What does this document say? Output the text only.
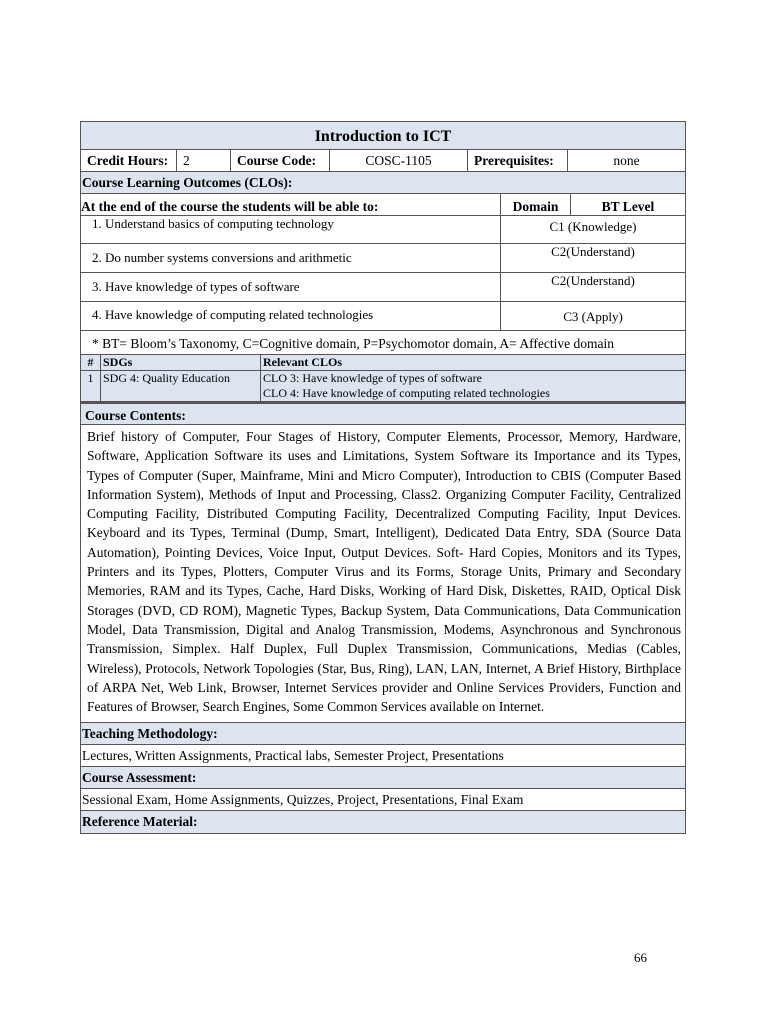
Introduction to ICT
Credit Hours:	2	Course Code:	COSC-1105	Prerequisites:	none
Course Learning Outcomes (CLOs):
At the end of the course the students will be able to:	Domain	BT Level
1. Understand basics of computing technology	C1 (Knowledge)
2. Do number systems conversions and arithmetic	C2(Understand)
3. Have knowledge of types of software	C2(Understand)
4. Have knowledge of computing related technologies	C3 (Apply)
* BT= Bloom’s Taxonomy, C=Cognitive domain, P=Psychomotor domain, A= Affective domain
# SDGs	Relevant CLOs
1 SDG 4: Quality Education	CLO 3: Have knowledge of types of software
CLO 4: Have knowledge of computing related technologies
Course Contents:
Brief history of Computer, Four Stages of History, Computer Elements, Processor, Memory, Hardware, Software, Application Software its uses and Limitations, System Software its Importance and its Types, Types of Computer (Super, Mainframe, Mini and Micro Computer), Introduction to CBIS (Computer Based Information System), Methods of Input and Processing, Class2. Organizing Computer Facility, Centralized Computing Facility, Distributed Computing Facility, Decentralized Computing Facility, Input Devices. Keyboard and its Types, Terminal (Dump, Smart, Intelligent), Dedicated Data Entry, SDA (Source Data Automation), Pointing Devices, Voice Input, Output Devices. Soft- Hard Copies, Monitors and its Types, Printers and its Types, Plotters, Computer Virus and its Forms, Storage Units, Primary and Secondary Memories, RAM and its Types, Cache, Hard Disks, Working of Hard Disk, Diskettes, RAID, Optical Disk Storages (DVD, CD ROM), Magnetic Types, Backup System, Data Communications, Data Communication Model, Data Transmission, Digital and Analog Transmission, Modems, Asynchronous and Synchronous Transmission, Simplex. Half Duplex, Full Duplex Transmission, Communications, Medias (Cables, Wireless), Protocols, Network Topologies (Star, Bus, Ring), LAN, LAN, Internet, A Brief History, Birthplace of ARPA Net, Web Link, Browser, Internet Services provider and Online Services Providers, Function and Features of Browser, Search Engines, Some Common Services available on Internet.
Teaching Methodology:
Lectures, Written Assignments, Practical labs, Semester Project, Presentations
Course Assessment:
Sessional Exam, Home Assignments, Quizzes, Project, Presentations, Final Exam
Reference Material:
66
